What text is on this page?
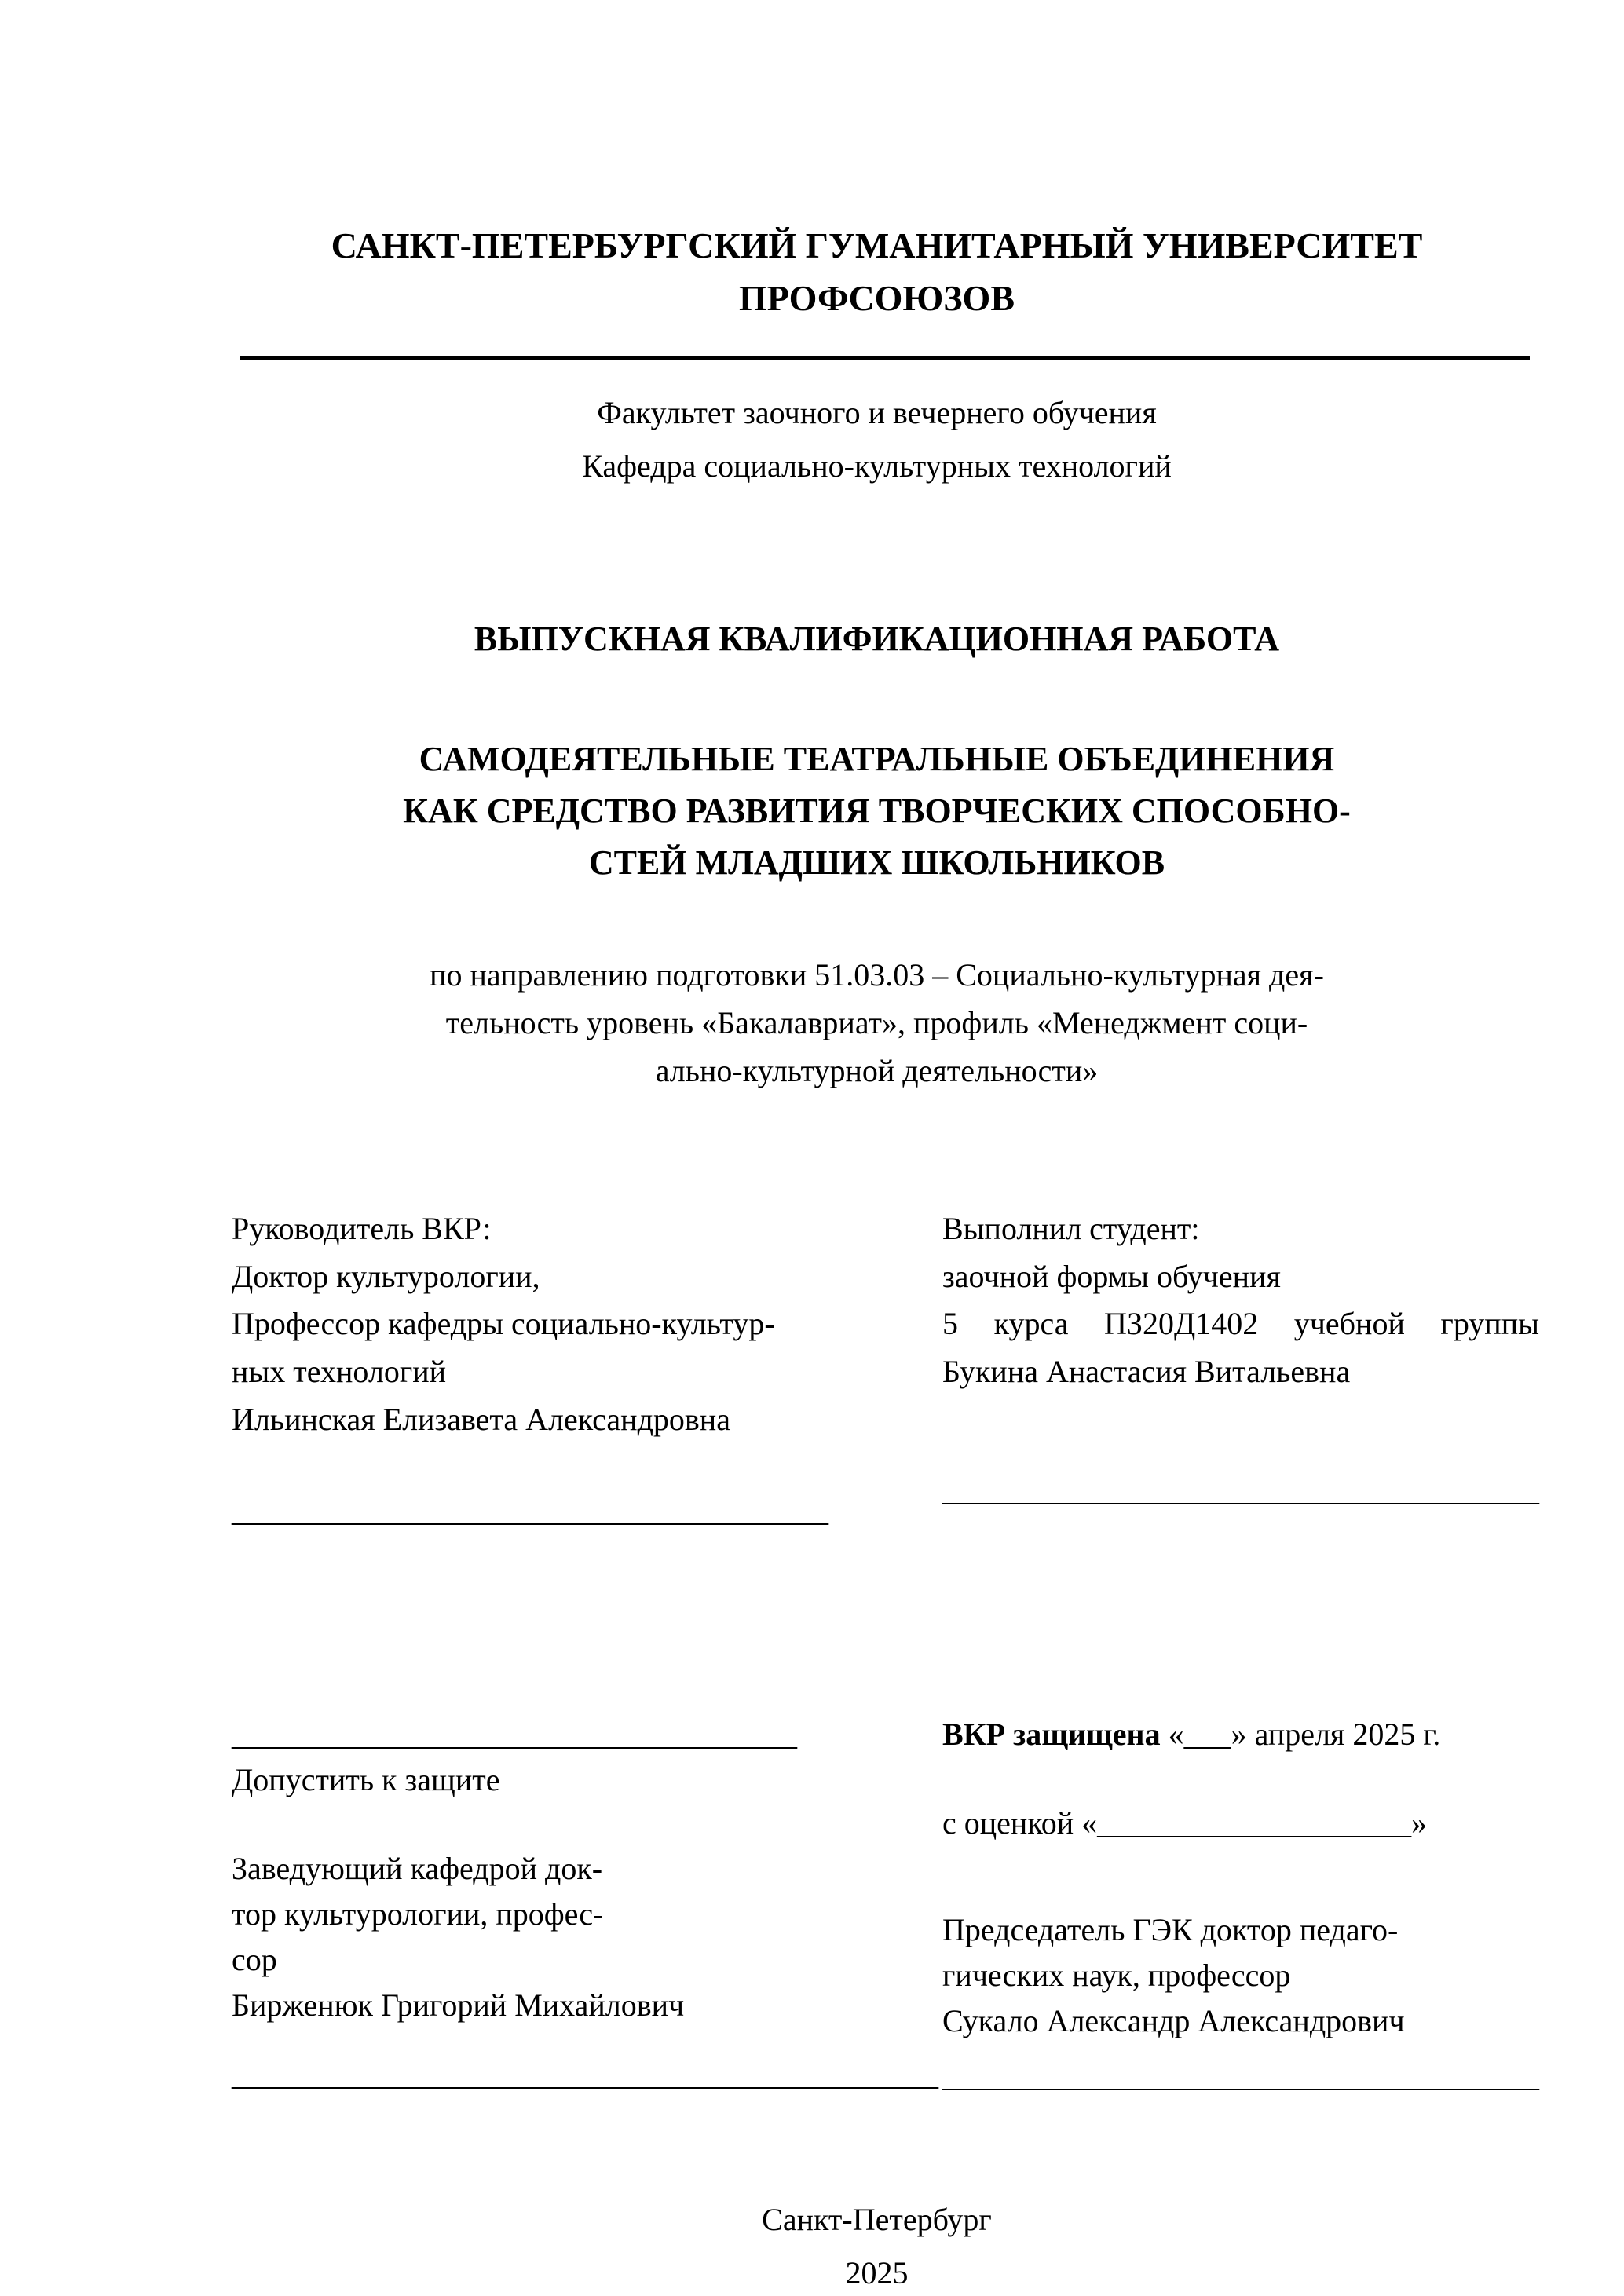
САНКТ-ПЕТЕРБУРГСКИЙ ГУМАНИТАРНЫЙ УНИВЕРСИТЕТ
ПРОФСОЮЗОВ
Факультет заочного и вечернего обучения
Кафедра социально-культурных технологий
ВЫПУСКНАЯ КВАЛИФИКАЦИОННАЯ РАБОТА
САМОДЕЯТЕЛЬНЫЕ ТЕАТРАЛЬНЫЕ ОБЪЕДИНЕНИЯ
КАК СРЕДСТВО РАЗВИТИЯ ТВОРЧЕСКИХ СПОСОБНО-
СТЕЙ МЛАДШИХ ШКОЛЬНИКОВ
по направлению подготовки 51.03.03 – Социально-культурная дея-
тельность уровень «Бакалавриат», профиль «Менеджмент соци-
ально-культурной деятельности»
Руководитель ВКР:
Доктор культурологии,
Профессор кафедры социально-культур-
ных технологий
Ильинская Елизавета Александровна
______________________________________
Выполнил студент:
заочной формы обучения
5 курса ПЗ20Д1402 учебной группы
Букина Анастасия Витальевна
______________________________________
____________________________________
Допустить к защите
Заведующий кафедрой док-
тор культурологии, профес-
сор
Бирженюк Григорий Михайлович
_____________________________________________
ВКР защищена «___» апреля 2025 г.
с оценкой «____________________»
Председатель ГЭК доктор педаго-
гических наук, профессор
Сукало Александр Александрович
______________________________________
Санкт-Петербург
2025
